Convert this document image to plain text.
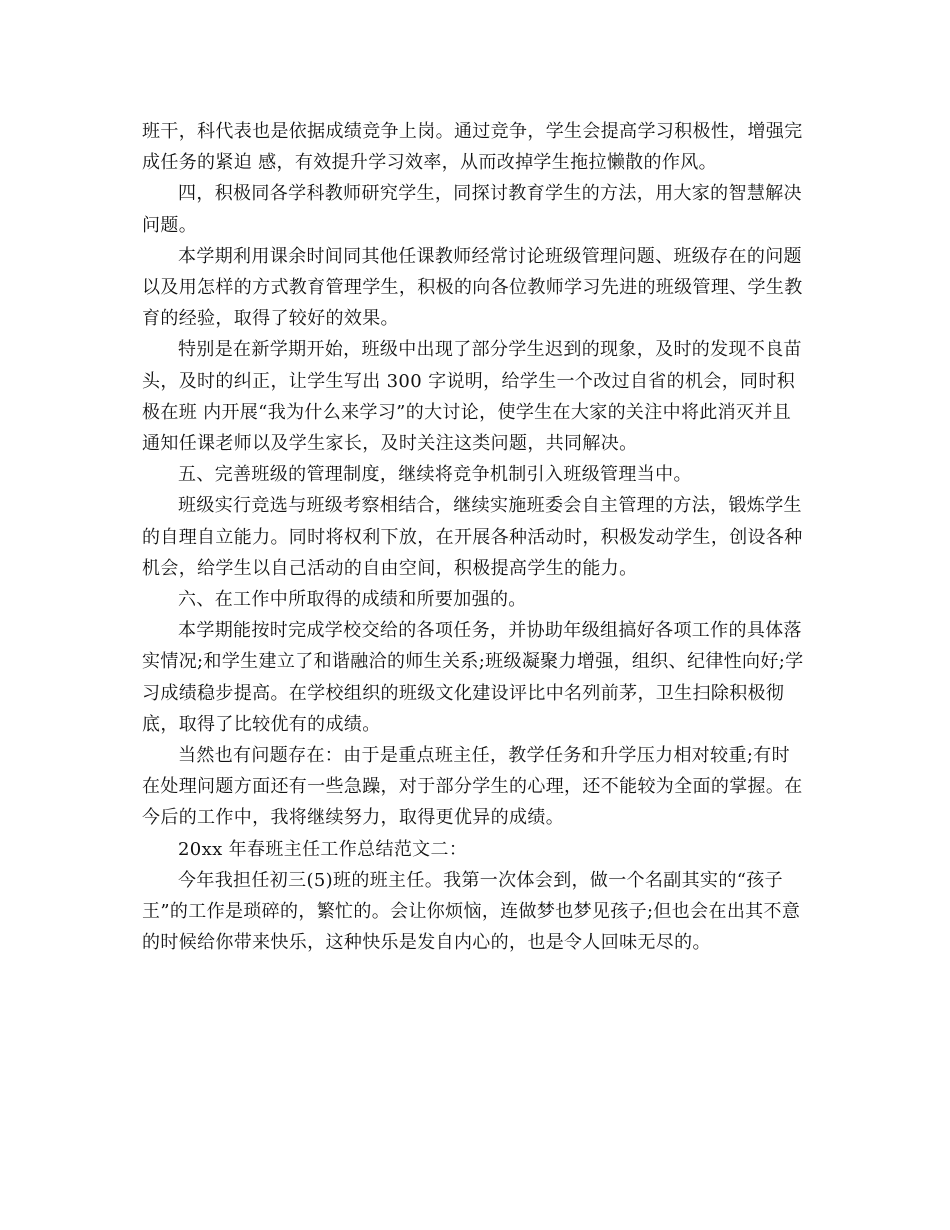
班干，科代表也是依据成绩竞争上岗。通过竞争，学生会提高学习积极性，增强完成任务的紧迫 感，有效提升学习效率，从而改掉学生拖拉懒散的作风。

四，积极同各学科教师研究学生，同探讨教育学生的方法，用大家的智慧解决问题。

本学期利用课余时间同其他任课教师经常讨论班级管理问题、班级存在的问题以及用怎样的方式教育管理学生，积极的向各位教师学习先进的班级管理、学生教育的经验，取得了较好的效果。

特别是在新学期开始，班级中出现了部分学生迟到的现象，及时的发现不良苗头，及时的纠正，让学生写出 300 字说明，给学生一个改过自省的机会，同时积极在班 内开展“我为什么来学习”的大讨论，使学生在大家的关注中将此消灭并且通知任课老师以及学生家长，及时关注这类问题，共同解决。

五、完善班级的管理制度，继续将竞争机制引入班级管理当中。

班级实行竞选与班级考察相结合，继续实施班委会自主管理的方法，锻炼学生的自理自立能力。同时将权利下放，在开展各种活动时，积极发动学生，创设各种机会，给学生以自己活动的自由空间，积极提高学生的能力。

六、在工作中所取得的成绩和所要加强的。

本学期能按时完成学校交给的各项任务，并协助年级组搞好各项工作的具体落实情况;和学生建立了和谐融洽的师生关系;班级凝聚力增强，组织、纪律性向好;学习成绩稳步提高。在学校组织的班级文化建设评比中名列前茅，卫生扫除积极彻底，取得了比较优有的成绩。

当然也有问题存在：由于是重点班主任，教学任务和升学压力相对较重;有时在处理问题方面还有一些急躁，对于部分学生的心理，还不能较为全面的掌握。在今后的工作中，我将继续努力，取得更优异的成绩。

20xx 年春班主任工作总结范文二：

今年我担任初三(5)班的班主任。我第一次体会到，做一个名副其实的“孩子王”的工作是琐碎的，繁忙的。会让你烦恼，连做梦也梦见孩子;但也会在出其不意的时候给你带来快乐，这种快乐是发自内心的，也是令人回味无尽的。
